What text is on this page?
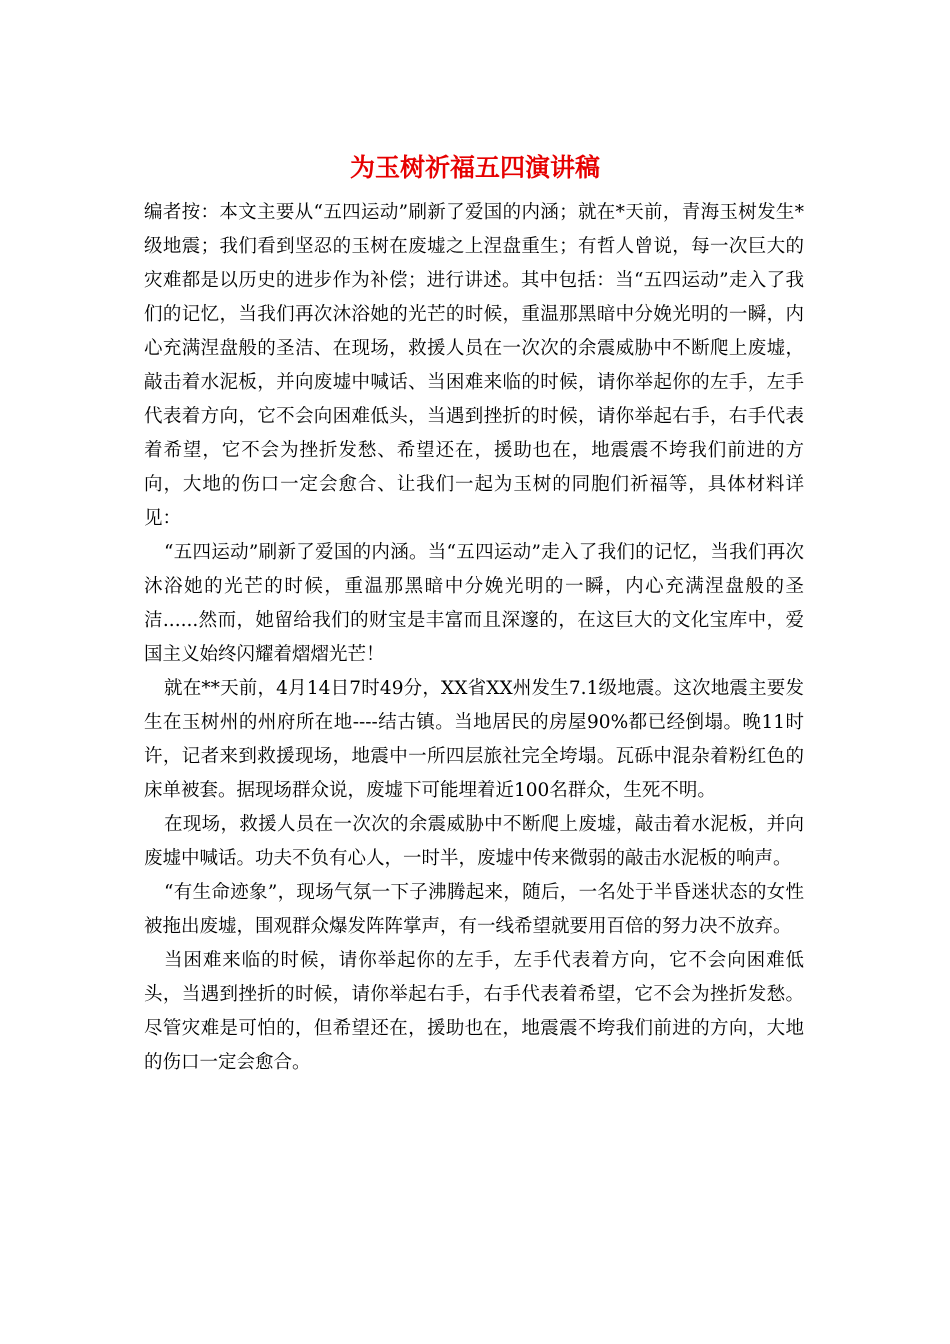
为玉树祈福五四演讲稿

编者按：本文主要从“五四运动”刷新了爱国的内涵；就在*天前，青海玉树发生*级地震；我们看到坚忍的玉树在废墟之上涅盘重生；有哲人曾说，每一次巨大的灾难都是以历史的进步作为补偿；进行讲述。其中包括：当“五四运动”走入了我们的记忆，当我们再次沐浴她的光芒的时候，重温那黑暗中分娩光明的一瞬，内心充满涅盘般的圣洁、在现场，救援人员在一次次的余震威胁中不断爬上废墟，敲击着水泥板，并向废墟中喊话、当困难来临的时候，请你举起你的左手，左手代表着方向，它不会向困难低头，当遇到挫折的时候，请你举起右手，右手代表着希望，它不会为挫折发愁、希望还在，援助也在，地震震不垮我们前进的方向，大地的伤口一定会愈合、让我们一起为玉树的同胞们祈福等，具体材料详见：

“五四运动”刷新了爱国的内涵。当“五四运动”走入了我们的记忆，当我们再次沐浴她的光芒的时候，重温那黑暗中分娩光明的一瞬，内心充满涅盘般的圣洁......然而，她留给我们的财宝是丰富而且深邃的，在这巨大的文化宝库中，爱国主义始终闪耀着熠熠光芒！

就在**天前，4月14日7时49分，XX省XX州发生7.1级地震。这次地震主要发生在玉树州的州府所在地----结古镇。当地居民的房屋90%都已经倒塌。晚11时许，记者来到救援现场，地震中一所四层旅社完全垮塌。瓦砾中混杂着粉红色的床单被套。据现场群众说，废墟下可能埋着近100名群众，生死不明。

在现场，救援人员在一次次的余震威胁中不断爬上废墟，敲击着水泥板，并向废墟中喊话。功夫不负有心人，一时半，废墟中传来微弱的敲击水泥板的响声。

“有生命迹象”，现场气氛一下子沸腾起来，随后，一名处于半昏迷状态的女性被拖出废墟，围观群众爆发阵阵掌声，有一线希望就要用百倍的努力决不放弃。

当困难来临的时候，请你举起你的左手，左手代表着方向，它不会向困难低头，当遇到挫折的时候，请你举起右手，右手代表着希望，它不会为挫折发愁。尽管灾难是可怕的，但希望还在，援助也在，地震震不垮我们前进的方向，大地的伤口一定会愈合。
